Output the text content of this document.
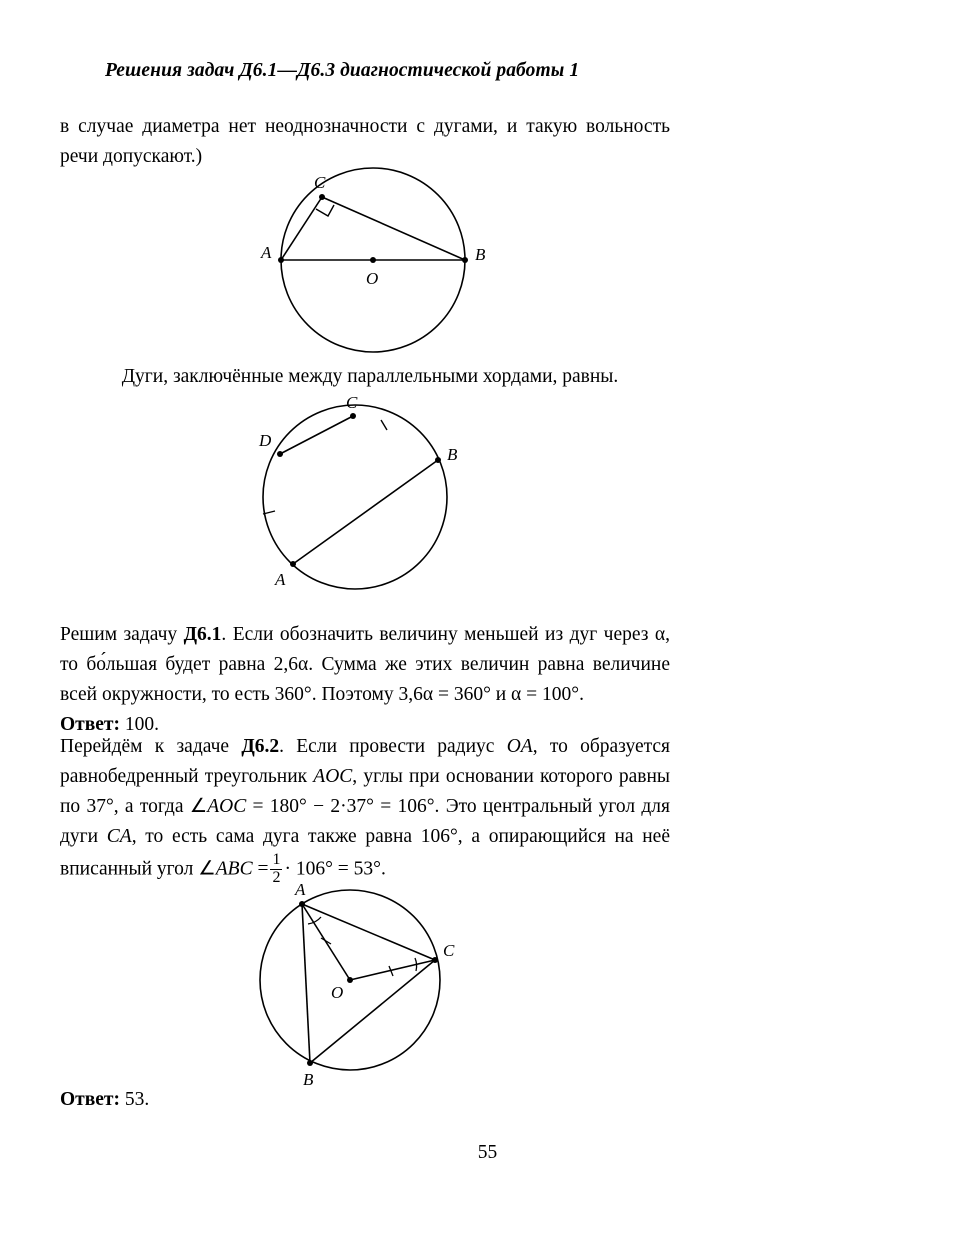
Решения задач Д6.1—Д6.3 диагностической работы 1
в случае диаметра нет неоднозначности с дугами, и такую вольность речи допускают.)
C
A
O
B
Дуги, заключённые между параллельными хордами, равны.
C
D
B
A
Решим задачу Д6.1. Если обозначить величину меньшей из дуг через α, то бо́льшая будет равна 2,6α. Сумма же этих величин равна величине всей окружности, то есть 360°. Поэтому 3,6α = 360° и α = 100°.
Ответ: 100.
Перейдём к задаче Д6.2. Если провести радиус OA, то образуется равнобедренный треугольник AOC, углы при основании которого равны по 37°, а тогда ∠AOC = 180° − 2·37° = 106°. Это центральный угол для дуги CA, то есть сама дуга также равна 106°, а опирающийся на неё вписанный угол ∠ABC = $\frac{1}{2} \cdot 106^\circ = 53^\circ$.
A
C
O
B
Ответ: 53.
55
